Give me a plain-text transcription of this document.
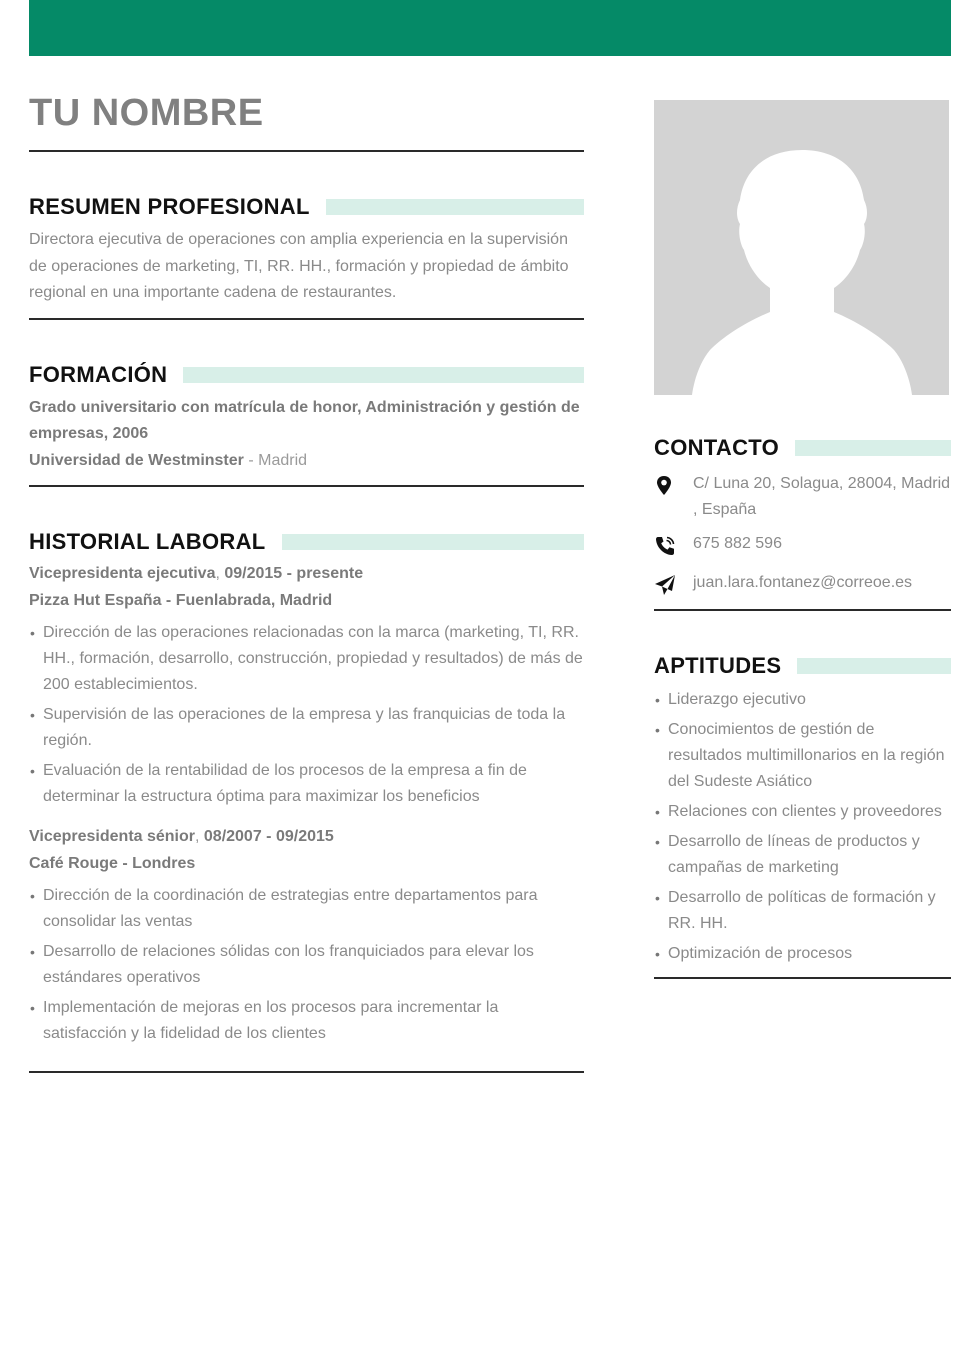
TU NOMBRE
RESUMEN PROFESIONAL
Directora ejecutiva de operaciones con amplia experiencia en la supervisión de operaciones de marketing, TI, RR. HH., formación y propiedad de ámbito regional en una importante cadena de restaurantes.
FORMACIÓN
Grado universitario con matrícula de honor, Administración y gestión de empresas, 2006
Universidad de Westminster - Madrid
HISTORIAL LABORAL
Vicepresidenta ejecutiva, 09/2015 - presente
Pizza Hut España - Fuenlabrada, Madrid
• Dirección de las operaciones relacionadas con la marca (marketing, TI, RR. HH., formación, desarrollo, construcción, propiedad y resultados) de más de 200 establecimientos.
• Supervisión de las operaciones de la empresa y las franquicias de toda la región.
• Evaluación de la rentabilidad de los procesos de la empresa a fin de determinar la estructura óptima para maximizar los beneficios
Vicepresidenta sénior, 08/2007 - 09/2015
Café Rouge - Londres
• Dirección de la coordinación de estrategias entre departamentos para consolidar las ventas
• Desarrollo de relaciones sólidas con los franquiciados para elevar los estándares operativos
• Implementación de mejoras en los procesos para incrementar la satisfacción y la fidelidad de los clientes
CONTACTO
C/ Luna 20, Solagua, 28004, Madrid , España
675 882 596
juan.lara.fontanez@correoe.es
APTITUDES
• Liderazgo ejecutivo
• Conocimientos de gestión de resultados multimillonarios en la región del Sudeste Asiático
• Relaciones con clientes y proveedores
• Desarrollo de líneas de productos y campañas de marketing
• Desarrollo de políticas de formación y RR. HH.
• Optimización de procesos
